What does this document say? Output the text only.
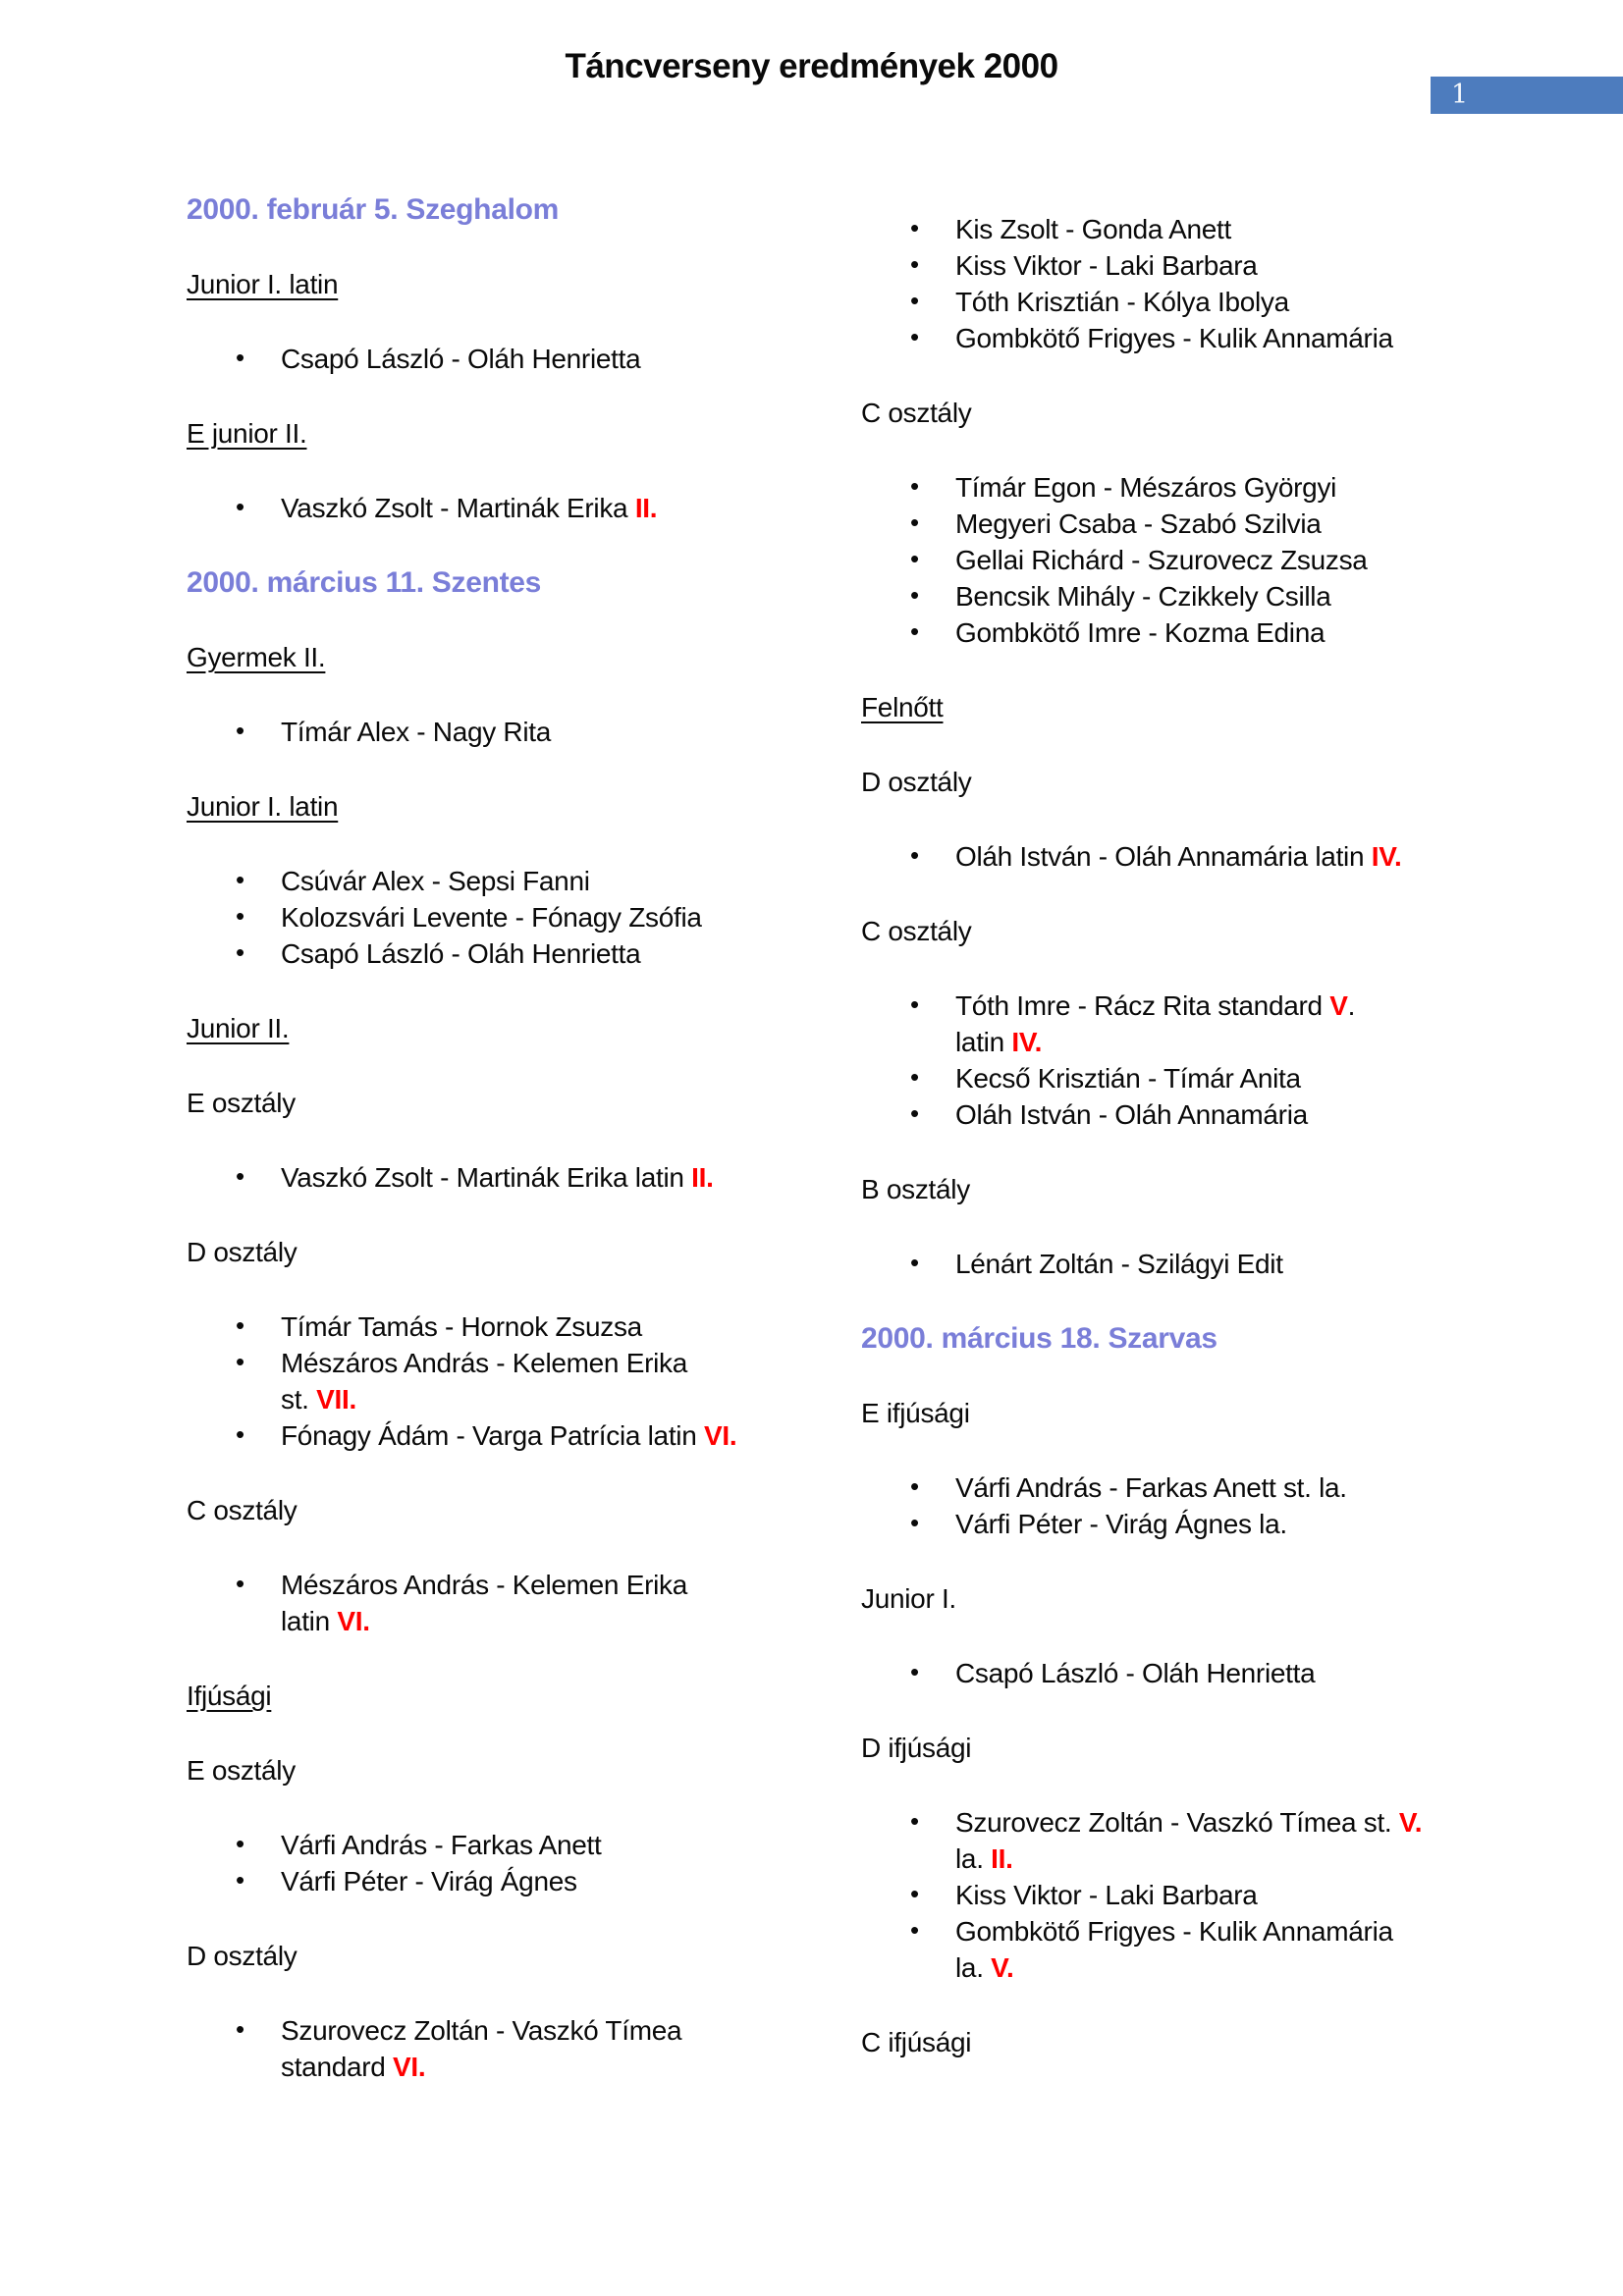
Táncverseny eredmények 2000
1
2000. február 5. Szeghalom
Junior I. latin
• Csapó László - Oláh Henrietta
E junior II.
• Vaszkó Zsolt - Martinák Erika II.
2000. március 11. Szentes
Gyermek II.
• Tímár Alex - Nagy Rita
Junior I. latin
• Csúvár Alex - Sepsi Fanni
• Kolozsvári Levente - Fónagy Zsófia
• Csapó László - Oláh Henrietta
Junior II.
E osztály
• Vaszkó Zsolt - Martinák Erika latin II.
D osztály
• Tímár Tamás - Hornok Zsuzsa
• Mészáros András - Kelemen Erika
st. VII.
• Fónagy Ádám - Varga Patrícia latin VI.
C osztály
• Mészáros András - Kelemen Erika
latin VI.
Ifjúsági
E osztály
• Várfi András - Farkas Anett
• Várfi Péter - Virág Ágnes
D osztály
• Szurovecz Zoltán - Vaszkó Tímea
standard VI.
• Kis Zsolt - Gonda Anett
• Kiss Viktor - Laki Barbara
• Tóth Krisztián - Kólya Ibolya
• Gombkötő Frigyes - Kulik Annamária
C osztály
• Tímár Egon - Mészáros Györgyi
• Megyeri Csaba - Szabó Szilvia
• Gellai Richárd - Szurovecz Zsuzsa
• Bencsik Mihály - Czikkely Csilla
• Gombkötő Imre - Kozma Edina
Felnőtt
D osztály
• Oláh István - Oláh Annamária latin IV.
C osztály
• Tóth Imre - Rácz Rita standard V.
latin IV.
• Kecső Krisztián - Tímár Anita
• Oláh István - Oláh Annamária
B osztály
• Lénárt Zoltán - Szilágyi Edit
2000. március 18. Szarvas
E ifjúsági
• Várfi András - Farkas Anett st. la.
• Várfi Péter - Virág Ágnes la.
Junior I.
• Csapó László - Oláh Henrietta
D ifjúsági
• Szurovecz Zoltán - Vaszkó Tímea st. V.
la. II.
• Kiss Viktor - Laki Barbara
• Gombkötő Frigyes - Kulik Annamária
la. V.
C ifjúsági
